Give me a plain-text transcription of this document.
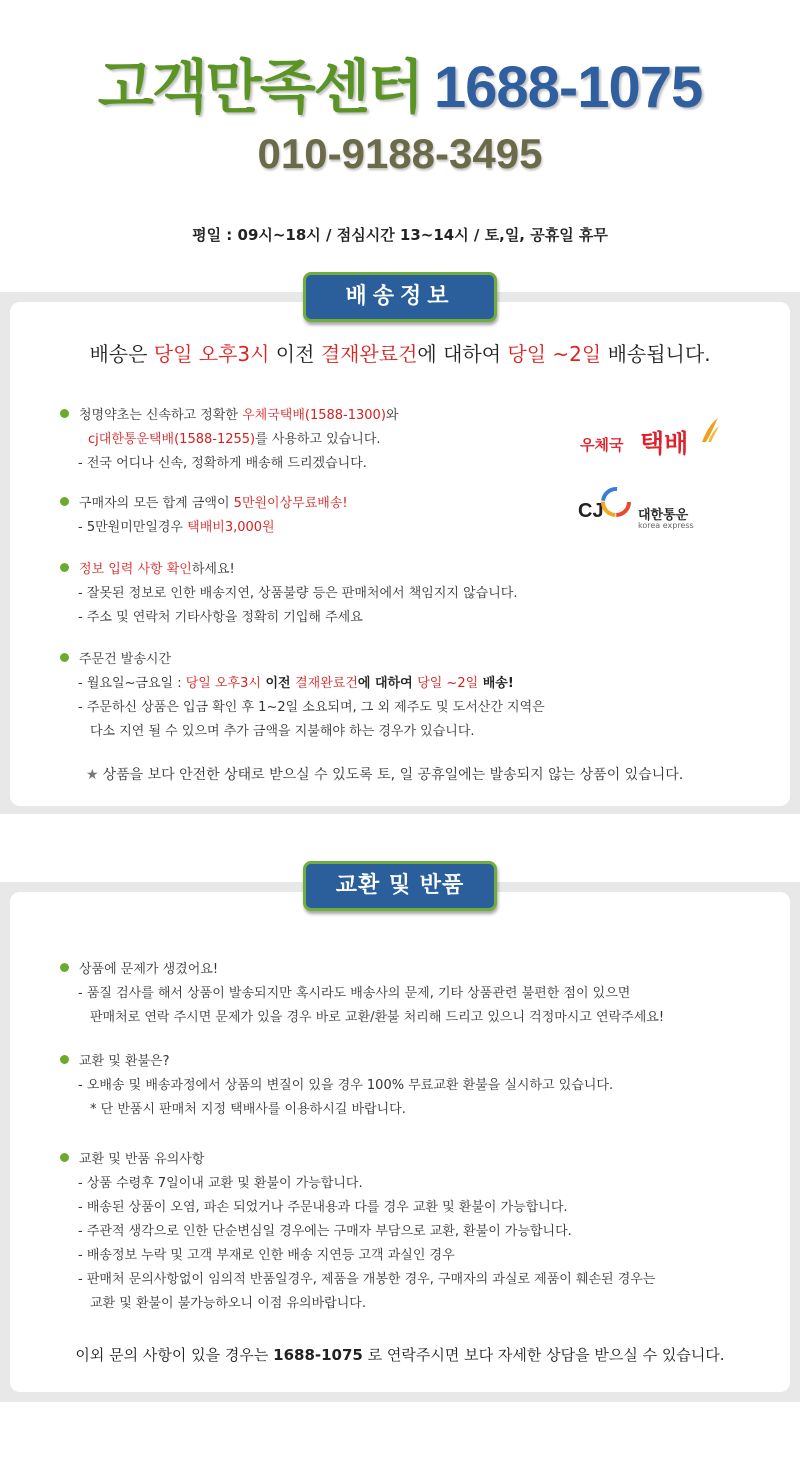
고객만족센터 1688-1075
010-9188-3495
평일 : 09시~18시 / 점심시간 13~14시 / 토,일, 공휴일 휴무
배송정보
배송은 당일 오후3시 이전 결재완료건에 대하여 당일 ~2일 배송됩니다.
청명약초는 신속하고 정확한 우체국택배(1588-1300)와
cj대한통운택배(1588-1255)를 사용하고 있습니다.
- 전국 어디나 신속, 정확하게 배송해 드리겠습니다.
우체국 택배
구매자의 모든 합계 금액이 5만원이상무료배송!
- 5만원미만일경우 택배비3,000원
CJ	대한통운
korea express
정보 입력 사항 확인하세요!
- 잘못된 정보로 인한 배송지연, 상품불량 등은 판매처에서 책임지지 않습니다.
- 주소 및 연락처 기타사항을 정확히 기입해 주세요
주문건 발송시간
- 월요일~금요일 : 당일 오후3시 이전 결재완료건에 대하여 당일 ~2일 배송!
- 주문하신 상품은 입금 확인 후 1~2일 소요되며, 그 외 제주도 및 도서산간 지역은
다소 지연 될 수 있으며 추가 금액을 지불해야 하는 경우가 있습니다.
★ 상품을 보다 안전한 상태로 받으실 수 있도록 토, 일 공휴일에는 발송되지 않는 상품이 있습니다.
교환 및 반품
상품에 문제가 생겼어요!
- 품질 검사를 해서 상품이 발송되지만 혹시라도 배송사의 문제, 기타 상품관련 불편한 점이 있으면
판매처로 연락 주시면 문제가 있을 경우 바로 교환/환불 처리해 드리고 있으니 걱정마시고 연락주세요!
교환 및 환불은?
- 오배송 및 배송과정에서 상품의 변질이 있을 경우 100% 무료교환 환불을 실시하고 있습니다.
* 단 반품시 판매처 지정 택배사를 이용하시길 바랍니다.
교환 및 반품 유의사항
- 상품 수령후 7일이내 교환 및 환불이 가능합니다.
- 배송된 상품이 오염, 파손 되었거나 주문내용과 다를 경우 교환 및 환불이 가능합니다.
- 주관적 생각으로 인한 단순변심일 경우에는 구매자 부담으로 교환, 환불이 가능합니다.
- 배송정보 누락 및 고객 부재로 인한 배송 지연등 고객 과실인 경우
- 판매처 문의사항없이 임의적 반품일경우, 제품을 개봉한 경우, 구매자의 과실로 제품이 훼손된 경우는
교환 및 환불이 불가능하오니 이점 유의바랍니다.
이외 문의 사항이 있을 경우는 1688-1075 로 연락주시면 보다 자세한 상담을 받으실 수 있습니다.
